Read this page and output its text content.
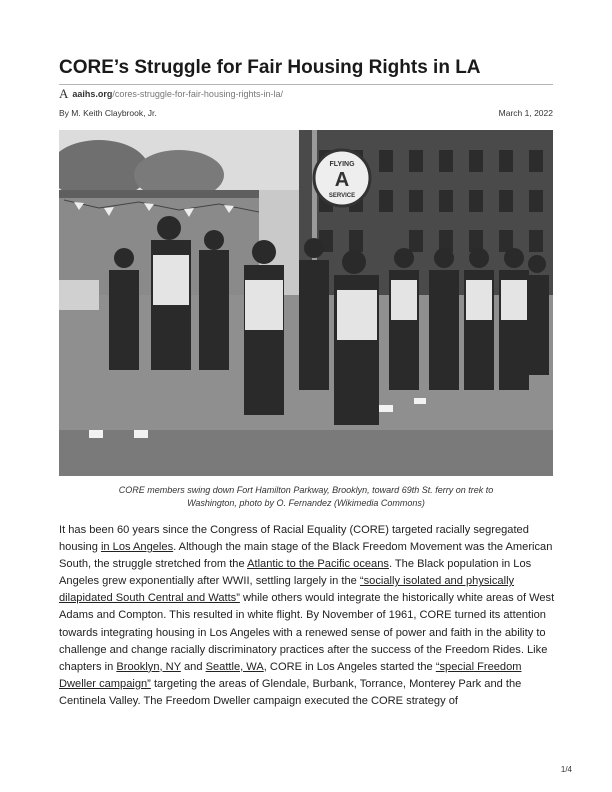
CORE’s Struggle for Fair Housing Rights in LA
A aaihs.org/cores-struggle-for-fair-housing-rights-in-la/
By M. Keith Claybrook, Jr.	March 1, 2022
FLYING
A
SERVICE
CORE members swing down Fort Hamilton Parkway, Brooklyn, toward 69th St. ferry on trek to
Washington, photo by O. Fernandez (Wikimedia Commons)

It has been 60 years since the Congress of Racial Equality (CORE) targeted racially segregated housing in Los Angeles. Although the main stage of the Black Freedom Movement was the American South, the struggle stretched from the Atlantic to the Pacific oceans. The Black population in Los Angeles grew exponentially after WWII, settling largely in the “socially isolated and physically dilapidated South Central and Watts” while others would integrate the historically white areas of West Adams and Compton. This resulted in white flight. By November of 1961, CORE turned its attention towards integrating housing in Los Angeles with a renewed sense of power and faith in the ability to challenge and change racially discriminatory practices after the success of the Freedom Rides. Like chapters in Brooklyn, NY and Seattle, WA, CORE in Los Angeles started the “special Freedom Dweller campaign” targeting the areas of Glendale, Burbank, Torrance, Monterey Park and the Centinela Valley. The Freedom Dweller campaign executed the CORE strategy of

1/4
